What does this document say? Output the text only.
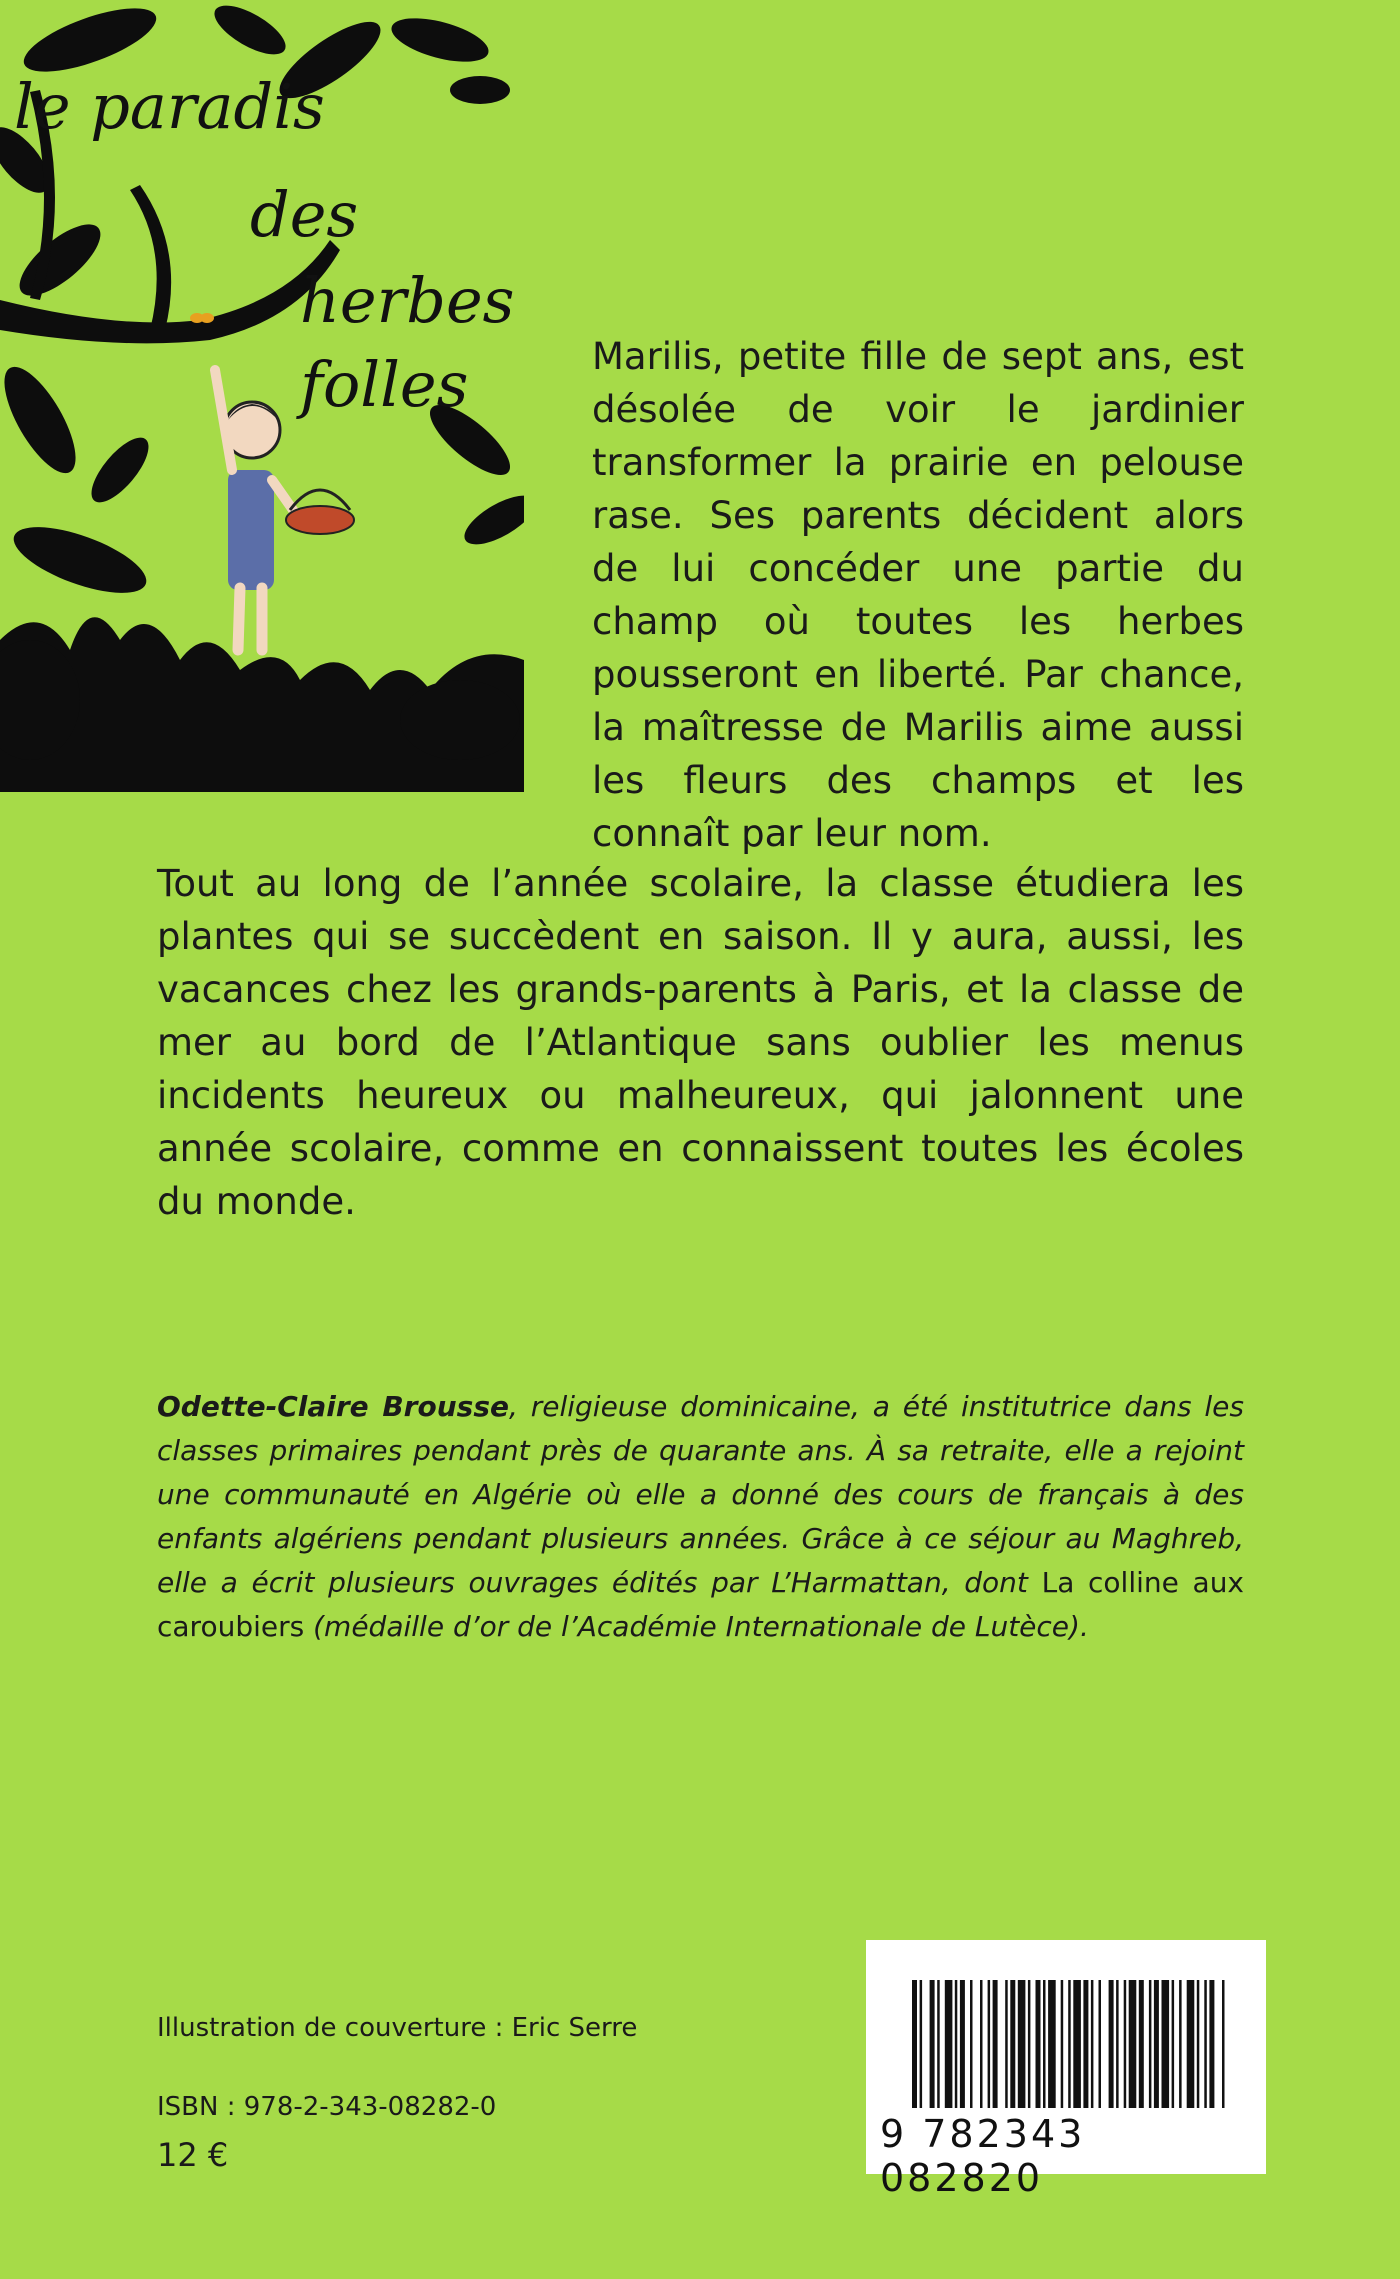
le paradis
des
herbes
folles	Marilis, petite fille de sept ans, est désolée de voir le jardinier transformer la prairie en pelouse rase. Ses parents décident alors de lui concéder une partie du champ où toutes les herbes pousseront en liberté. Par chance, la maîtresse de Marilis aime aussi les fleurs des champs et les connaît par leur nom.

Tout au long de l’année scolaire, la classe étudiera les plantes qui se succèdent en saison. Il y aura, aussi, les vacances chez les grands-parents à Paris, et la classe de mer au bord de l’Atlantique sans oublier les menus incidents heureux ou malheureux, qui jalonnent une année scolaire, comme en connaissent toutes les écoles du monde.

Odette-Claire Brousse, religieuse dominicaine, a été institutrice dans les classes primaires pendant près de quarante ans. À sa retraite, elle a rejoint une communauté en Algérie où elle a donné des cours de français à des enfants algériens pendant plusieurs années. Grâce à ce séjour au Maghreb, elle a écrit plusieurs ouvrages édités par L’Harmattan, dont La colline aux caroubiers (médaille d’or de l’Académie Internationale de Lutèce).

Illustration de couverture : Eric Serre

ISBN : 978-2-343-08282-0

12 €	9 782343 082820
